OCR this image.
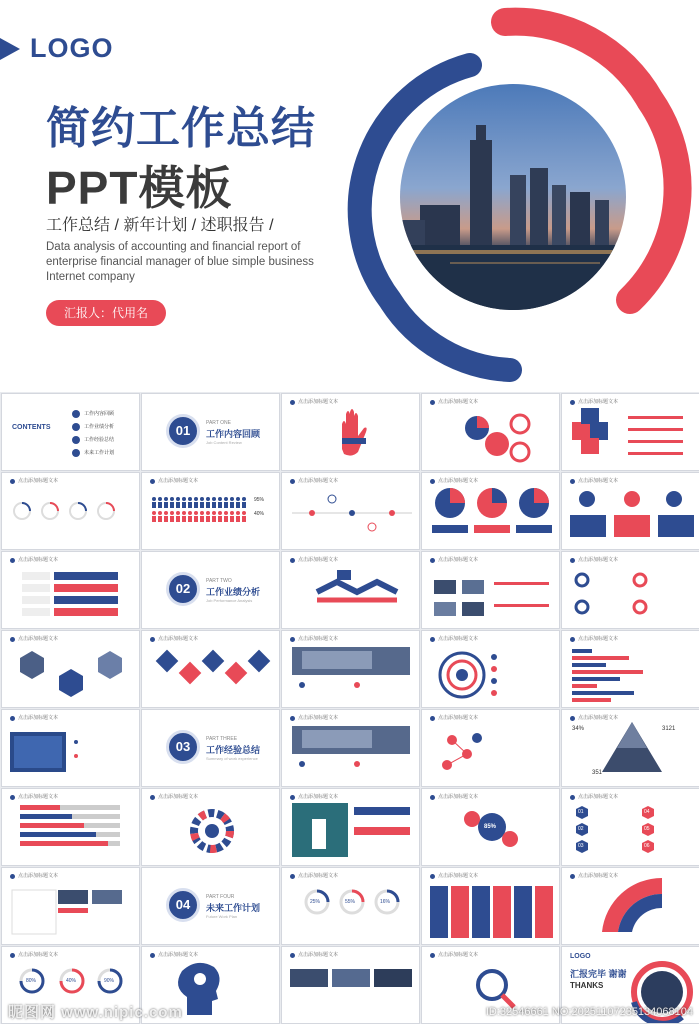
LOGO
简约工作总结
PPT模板
工作总结 / 新年计划 / 述职报告 /
Data analysis of accounting and financial report of enterprise financial manager of blue simple business Internet company
汇报人：代用名
CONTENTS
工作内容回顾
工作业绩分析
工作经验总结
未来工作计划
01	PART ONE
工作内容回顾
Job Content Review
点击添加标题文本	点击添加标题文本	点击添加标题文本
点击添加标题文本	点击添加标题文本
95%
40%
点击添加标题文本	点击添加标题文本	点击添加标题文本
点击添加标题文本
02	PART TWO
工作业绩分析
Job Performance Analysis
点击添加标题文本	点击添加标题文本	点击添加标题文本
点击添加标题文本	点击添加标题文本	点击添加标题文本	点击添加标题文本	点击添加标题文本
点击添加标题文本
03	PART THREE
工作经验总结
Summary of work experience
点击添加标题文本	点击添加标题文本	点击添加标题文本
34%	3121
351
点击添加标题文本	点击添加标题文本	点击添加标题文本	点击添加标题文本
85%
点击添加标题文本
01
02
03
04
05
06
点击添加标题文本
04	PART FOUR
未来工作计划
Future Work Plan
点击添加标题文本
25%	55%	16%
点击添加标题文本	点击添加标题文本
点击添加标题文本
80%	40%	90%
点击添加标题文本	点击添加标题文本	点击添加标题文本	LOGO
汇报完毕 谢谢
THANKS
昵图网 www.nipic.com	ID:32546661 NO:20251107235134068104
